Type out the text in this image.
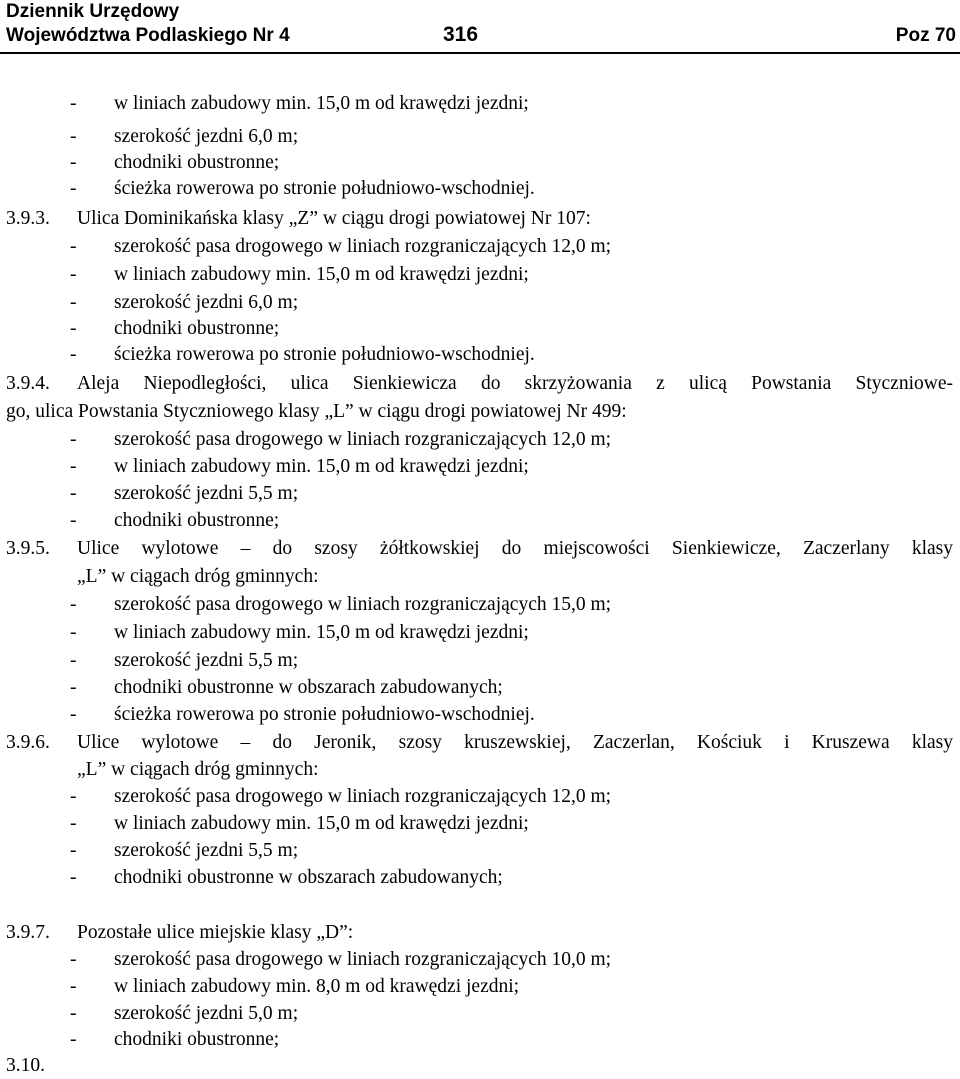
Dziennik Urzędowy
Województwa Podlaskiego Nr 4	316	Poz 70
- w liniach zabudowy min. 15,0 m od krawędzi jezdni;
- szerokość jezdni 6,0 m;
- chodniki obustronne;
- ścieżka rowerowa po stronie południowo-wschodniej.
3.9.3. Ulica Dominikańska klasy „Z” w ciągu drogi powiatowej Nr 107:
- szerokość pasa drogowego w liniach rozgraniczających 12,0 m;
- w liniach zabudowy min. 15,0 m od krawędzi jezdni;
- szerokość jezdni 6,0 m;
- chodniki obustronne;
- ścieżka rowerowa po stronie południowo-wschodniej.
3.9.4. Aleja Niepodległości, ulica Sienkiewicza do skrzyżowania z ulicą Powstania Styczniowe-
go, ulica Powstania Styczniowego klasy „L” w ciągu drogi powiatowej Nr 499:
- szerokość pasa drogowego w liniach rozgraniczających 12,0 m;
- w liniach zabudowy min. 15,0 m od krawędzi jezdni;
- szerokość jezdni 5,5 m;
- chodniki obustronne;
3.9.5. Ulice wylotowe – do szosy żółtkowskiej do miejscowości Sienkiewicze, Zaczerlany klasy
„L” w ciągach dróg gminnych:
- szerokość pasa drogowego w liniach rozgraniczających 15,0 m;
- w liniach zabudowy min. 15,0 m od krawędzi jezdni;
- szerokość jezdni 5,5 m;
- chodniki obustronne w obszarach zabudowanych;
- ścieżka rowerowa po stronie południowo-wschodniej.
3.9.6. Ulice wylotowe – do Jeronik, szosy kruszewskiej, Zaczerlan, Kościuk i Kruszewa klasy
„L” w ciągach dróg gminnych:
- szerokość pasa drogowego w liniach rozgraniczających 12,0 m;
- w liniach zabudowy min. 15,0 m od krawędzi jezdni;
- szerokość jezdni 5,5 m;
- chodniki obustronne w obszarach zabudowanych;
3.9.7. Pozostałe ulice miejskie klasy „D”:
- szerokość pasa drogowego w liniach rozgraniczających 10,0 m;
- w liniach zabudowy min. 8,0 m od krawędzi jezdni;
- szerokość jezdni 5,0 m;
- chodniki obustronne;
3.10.
